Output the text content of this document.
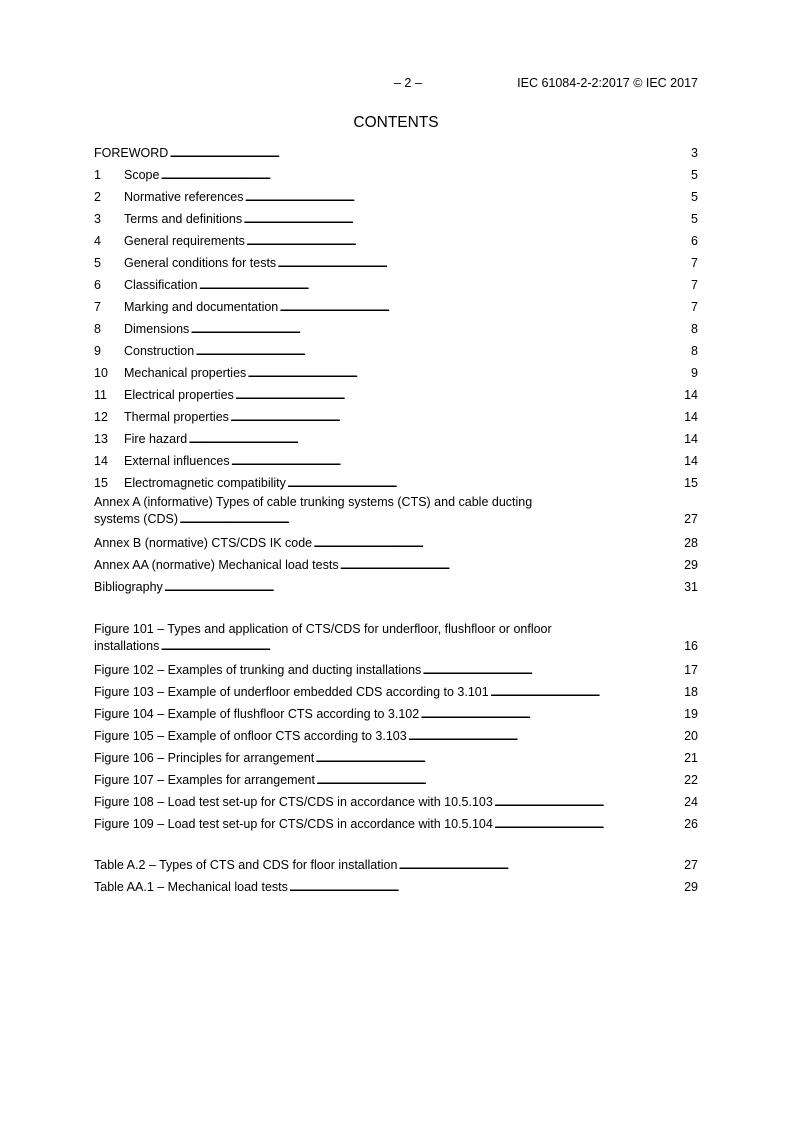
– 2 –	IEC 61084-2-2:2017 © IEC 2017
CONTENTS
FOREWORD . . .	3
1	Scope . . .	5
2	Normative references . . .	5
3	Terms and definitions . . .	5
4	General requirements . . .	6
5	General conditions for tests . . .	7
6	Classification . . .	7
7	Marking and documentation . . .	7
8	Dimensions . . .	8
9	Construction . . .	8
10	Mechanical properties . . .	9
11	Electrical properties . . .	14
12	Thermal properties . . .	14
13	Fire hazard . . .	14
14	External influences . . .	14
15	Electromagnetic compatibility . . .	15
Annex A (informative) Types of cable trunking systems (CTS) and cable ducting
systems (CDS) . . .	27
Annex B (normative) CTS/CDS IK code . . .	28
Annex AA (normative) Mechanical load tests . . .	29
Bibliography . . .	31
Figure 101 – Types and application of CTS/CDS for underfloor, flushfloor or onfloor
installations . . .	16
Figure 102 – Examples of trunking and ducting installations . . .	17
Figure 103 – Example of underfloor embedded CDS according to 3.101 . . .	18
Figure 104 – Example of flushfloor CTS according to 3.102 . . .	19
Figure 105 – Example of onfloor CTS according to 3.103 . . .	20
Figure 106 – Principles for arrangement . . .	21
Figure 107 – Examples for arrangement . . .	22
Figure 108 – Load test set-up for CTS/CDS in accordance with 10.5.103 . . .	24
Figure 109 – Load test set-up for CTS/CDS in accordance with 10.5.104 . . .	26
Table A.2 – Types of CTS and CDS for floor installation . . .	27
Table AA.1 – Mechanical load tests . . .	29
